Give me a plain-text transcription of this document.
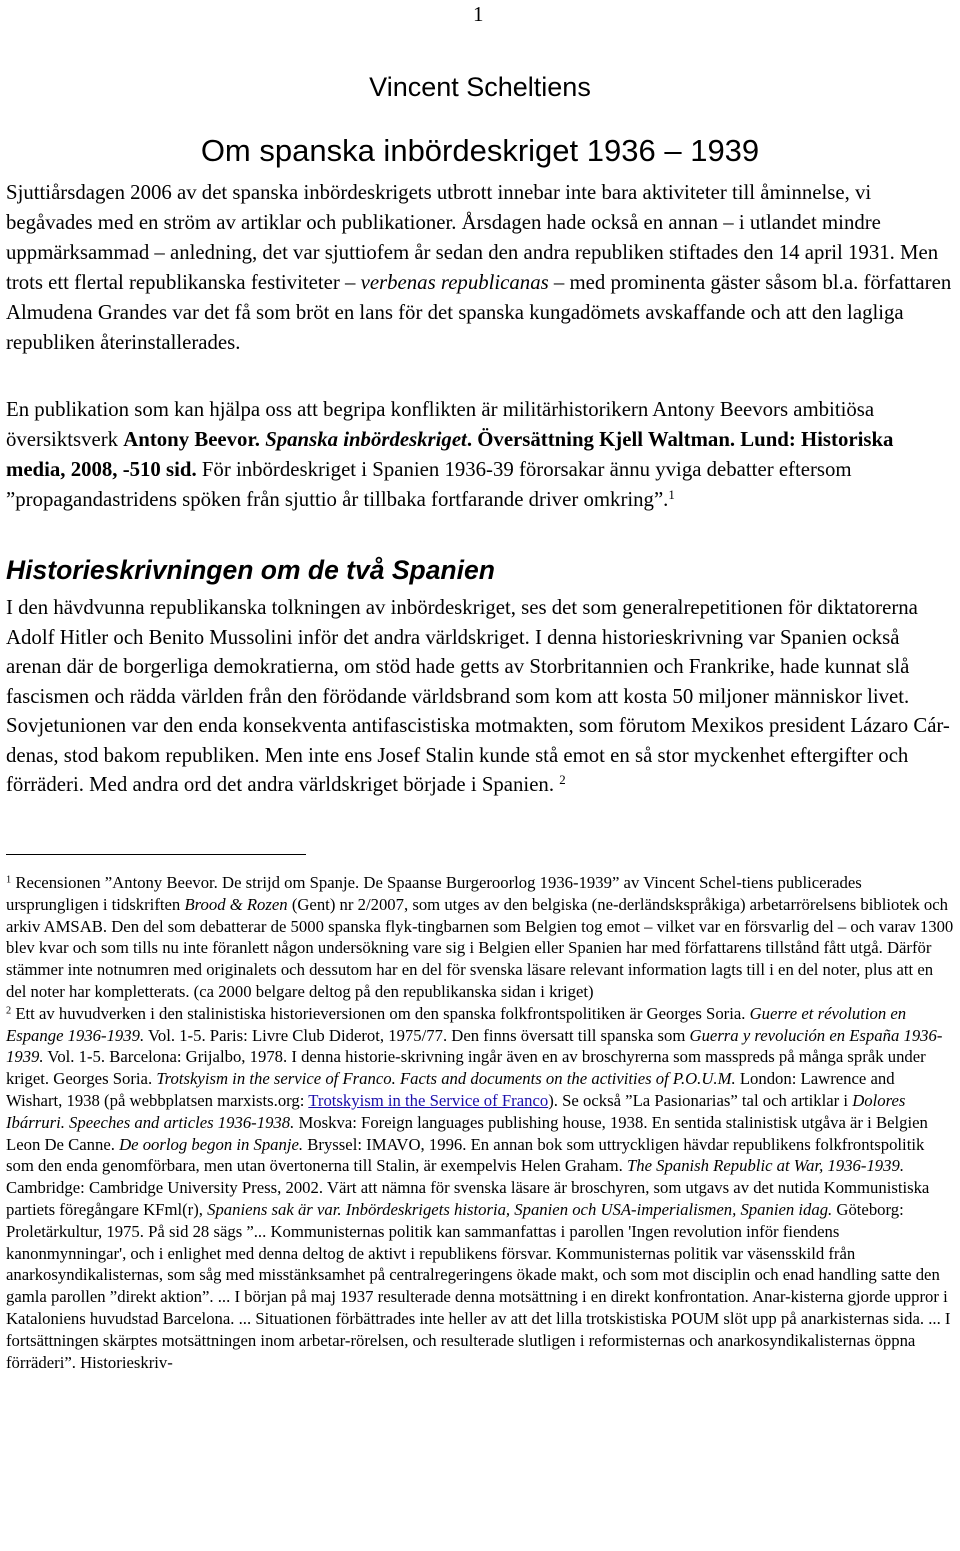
1
Vincent Scheltiens
Om spanska inbördeskriget 1936 – 1939

Sjuttiårsdagen 2006 av det spanska inbördeskrigets utbrott innebar inte bara aktiviteter till åminnelse, vi begåvades med en ström av artiklar och publikationer. Årsdagen hade också en annan – i utlandet mindre uppmärksammad – anledning, det var sjuttiofem år sedan den andra republiken stiftades den 14 april 1931. Men trots ett flertal republikanska festiviteter – verbenas republicanas – med prominenta gäster såsom bl.a. författaren Almudena Grandes var det få som bröt en lans för det spanska kungadömets avskaffande och att den lagliga republiken återinstallerades.

En publikation som kan hjälpa oss att begripa konflikten är militärhistorikern Antony Beevors ambitiösa översiktsverk Antony Beevor. Spanska inbördeskriget. Översättning Kjell Waltman. Lund: Historiska media, 2008, -510 sid. För inbördeskriget i Spanien 1936-39 förorsakar ännu yviga debatter eftersom ”propagandastridens spöken från sjuttio år tillbaka fortfarande driver omkring”.$^1$

Historieskrivningen om de två Spanien

I den hävdvunna republikanska tolkningen av inbördeskriget, ses det som generalrepetitionen för diktatorerna Adolf Hitler och Benito Mussolini inför det andra världskriget. I denna historieskrivning var Spanien också arenan där de borgerliga demokratierna, om stöd hade getts av Storbritannien och Frankrike, hade kunnat slå fascismen och rädda världen från den förödande världsbrand som kom att kosta 50 miljoner människor livet. Sovjetunionen var den enda konsekventa antifascistiska motmakten, som förutom Mexikos president Lázaro Cár-denas, stod bakom republiken. Men inte ens Josef Stalin kunde stå emot en så stor myckenhet eftergifter och förräderi. Med andra ord det andra världskriget började i Spanien. $^2$

$^1$ Recensionen ”Antony Beevor. De strijd om Spanje. De Spaanse Burgeroorlog 1936-1939” av Vincent Schel-tiens publicerades ursprungligen i tidskriften Brood & Rozen (Gent) nr 2/2007, som utges av den belgiska (ne-derländskspråkiga) arbetarrörelsens bibliotek och arkiv AMSAB. Den del som debatterar de 5000 spanska flyk-tingbarnen som Belgien tog emot – vilket var en försvarlig del – och varav 1300 blev kvar och som tills nu inte föranlett någon undersökning vare sig i Belgien eller Spanien har med författarens tillstånd fått utgå. Därför stämmer inte notnumren med originalets och dessutom har en del för svenska läsare relevant information lagts till i en del noter, plus att en del noter har kompletterats. (ca 2000 belgare deltog på den republikanska sidan i kriget)

$^2$ Ett av huvudverken i den stalinistiska historieversionen om den spanska folkfrontspolitiken är Georges Soria. Guerre et révolution en Espange 1936-1939. Vol. 1-5. Paris: Livre Club Diderot, 1975/77. Den finns översatt till spanska som Guerra y revolución en España 1936-1939. Vol. 1-5. Barcelona: Grijalbo, 1978. I denna historie-skrivning ingår även en av broschyrerna som masspreds på många språk under kriget. Georges Soria. Trotskyism in the service of Franco. Facts and documents on the activities of P.O.U.M. London: Lawrence and Wishart, 1938 (på webbplatsen marxists.org: Trotskyism in the Service of Franco). Se också ”La Pasionarias” tal och artiklar i Dolores Ibárruri. Speeches and articles 1936-1938. Moskva: Foreign languages publishing house, 1938. En sentida stalinistisk utgåva är i Belgien Leon De Canne. De oorlog begon in Spanje. Bryssel: IMAVO, 1996. En annan bok som uttryckligen hävdar republikens folkfrontspolitik som den enda genomförbara, men utan övertonerna till Stalin, är exempelvis Helen Graham. The Spanish Republic at War, 1936-1939. Cambridge: Cambridge University Press, 2002. Värt att nämna för svenska läsare är broschyren, som utgavs av det nutida Kommunistiska partiets föregångare KFml(r), Spaniens sak är var. Inbördeskrigets historia, Spanien och USA-imperialismen, Spanien idag. Göteborg: Proletärkultur, 1975. På sid 28 sägs ”... Kommunisternas politik kan sammanfattas i parollen 'Ingen revolution inför fiendens kanonmynningar', och i enlighet med denna deltog de aktivt i republikens försvar. Kommunisternas politik var väsensskild från anarkosyndikalisternas, som såg med misstänksamhet på centralregeringens ökade makt, och som mot disciplin och enad handling satte den gamla parollen ”direkt aktion”. ... I början på maj 1937 resulterade denna motsättning i en direkt konfrontation. Anar-kisterna gjorde uppror i Kataloniens huvudstad Barcelona. ... Situationen förbättrades inte heller av att det lilla trotskistiska POUM slöt upp på anarkisternas sida. ... I fortsättningen skärptes motsättningen inom arbetar-rörelsen, och resulterade slutligen i reformisternas och anarkosyndikalisternas öppna förräderi”. Historieskriv-
